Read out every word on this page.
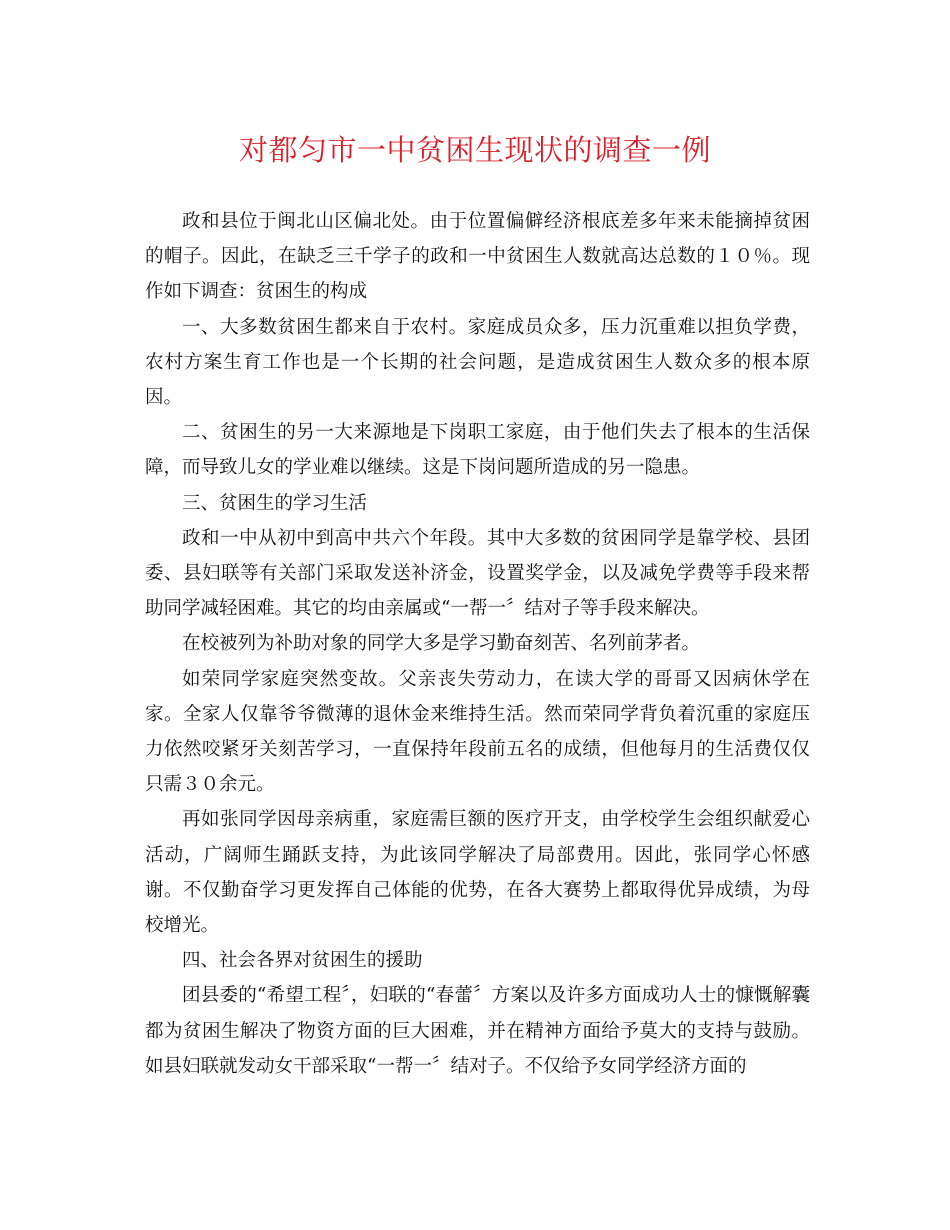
对都匀市一中贫困生现状的调查一例

政和县位于闽北山区偏北处。由于位置偏僻经济根底差多年来未能摘掉贫困的帽子。因此，在缺乏三千学子的政和一中贫困生人数就高达总数的１０％。现作如下调查：贫困生的构成

一、大多数贫困生都来自于农村。家庭成员众多，压力沉重难以担负学费，农村方案生育工作也是一个长期的社会问题，是造成贫困生人数众多的根本原因。

二、贫困生的另一大来源地是下岗职工家庭，由于他们失去了根本的生活保障，而导致儿女的学业难以继续。这是下岗问题所造成的另一隐患。

三、贫困生的学习生活

政和一中从初中到高中共六个年段。其中大多数的贫困同学是靠学校、县团委、县妇联等有关部门采取发送补济金，设置奖学金，以及减免学费等手段来帮助同学减轻困难。其它的均由亲属或“一帮一〞结对子等手段来解决。

在校被列为补助对象的同学大多是学习勤奋刻苦、名列前茅者。

如荣同学家庭突然变故。父亲丧失劳动力，在读大学的哥哥又因病休学在家。全家人仅靠爷爷微薄的退休金来维持生活。然而荣同学背负着沉重的家庭压力依然咬紧牙关刻苦学习，一直保持年段前五名的成绩，但他每月的生活费仅仅只需３０余元。

再如张同学因母亲病重，家庭需巨额的医疗开支，由学校学生会组织献爱心活动，广阔师生踊跃支持，为此该同学解决了局部费用。因此，张同学心怀感谢。不仅勤奋学习更发挥自己体能的优势，在各大赛势上都取得优异成绩，为母校增光。

四、社会各界对贫困生的援助

团县委的“希望工程〞，妇联的“春蕾〞方案以及许多方面成功人士的慷慨解囊都为贫困生解决了物资方面的巨大困难，并在精神方面给予莫大的支持与鼓励。如县妇联就发动女干部采取“一帮一〞结对子。不仅给予女同学经济方面的
